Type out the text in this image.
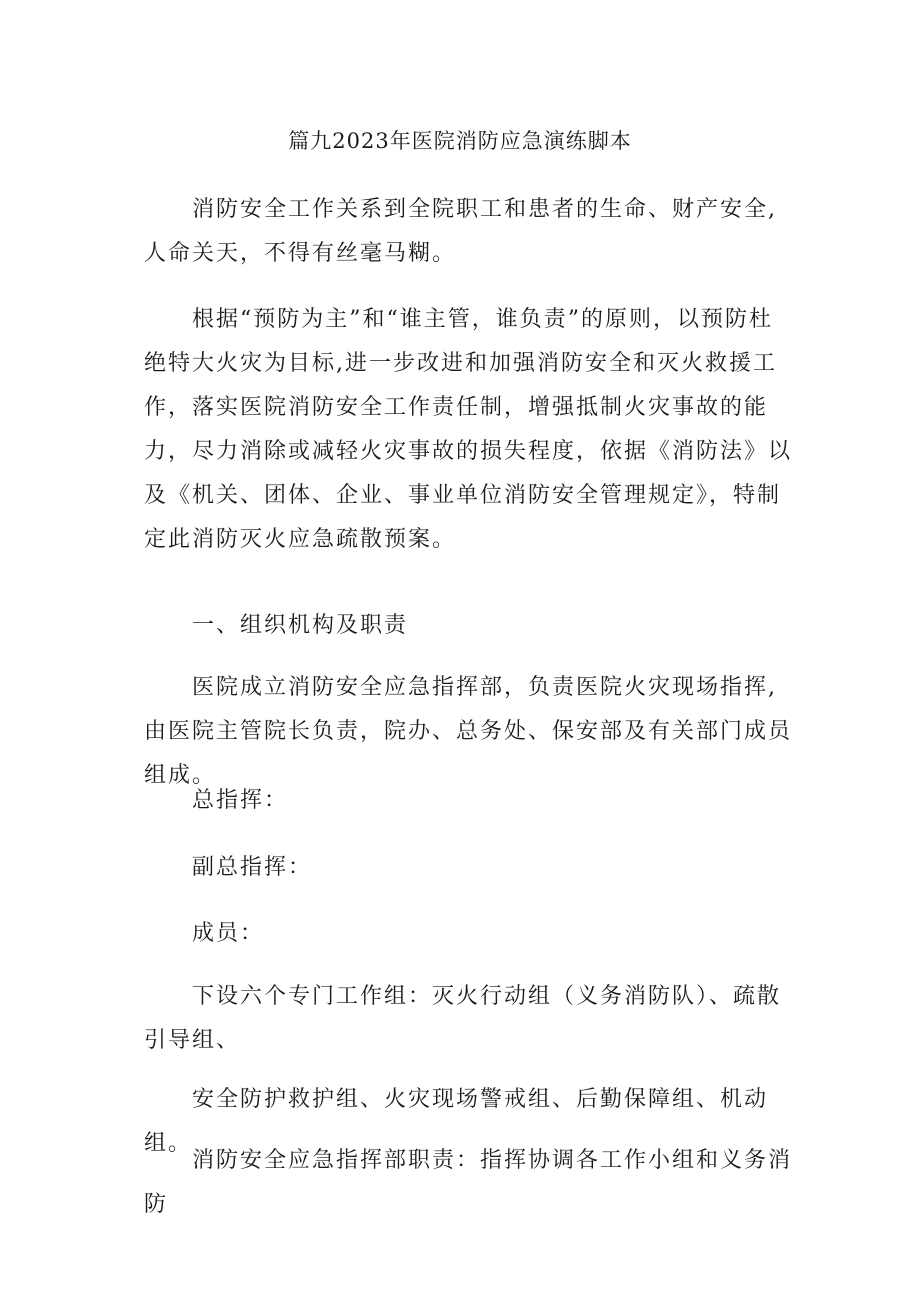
篇九2023年医院消防应急演练脚本

消防安全工作关系到全院职工和患者的生命、财产安全,人命关天，不得有丝毫马糊。

根据“预防为主”和“谁主管，谁负责”的原则，以预防杜绝特大火灾为目标,进一步改进和加强消防安全和灭火救援工作，落实医院消防安全工作责任制，增强抵制火灾事故的能力，尽力消除或减轻火灾事故的损失程度，依据《消防法》以及《机关、团体、企业、事业单位消防安全管理规定》，特制定此消防灭火应急疏散预案。

一、组织机构及职责

医院成立消防安全应急指挥部，负责医院火灾现场指挥,由医院主管院长负责，院办、总务处、保安部及有关部门成员组成。

总指挥：

副总指挥：

成员：

下设六个专门工作组：灭火行动组（义务消防队）、疏散引导组、

安全防护救护组、火灾现场警戒组、后勤保障组、机动组。

消防安全应急指挥部职责：指挥协调各工作小组和义务消防
